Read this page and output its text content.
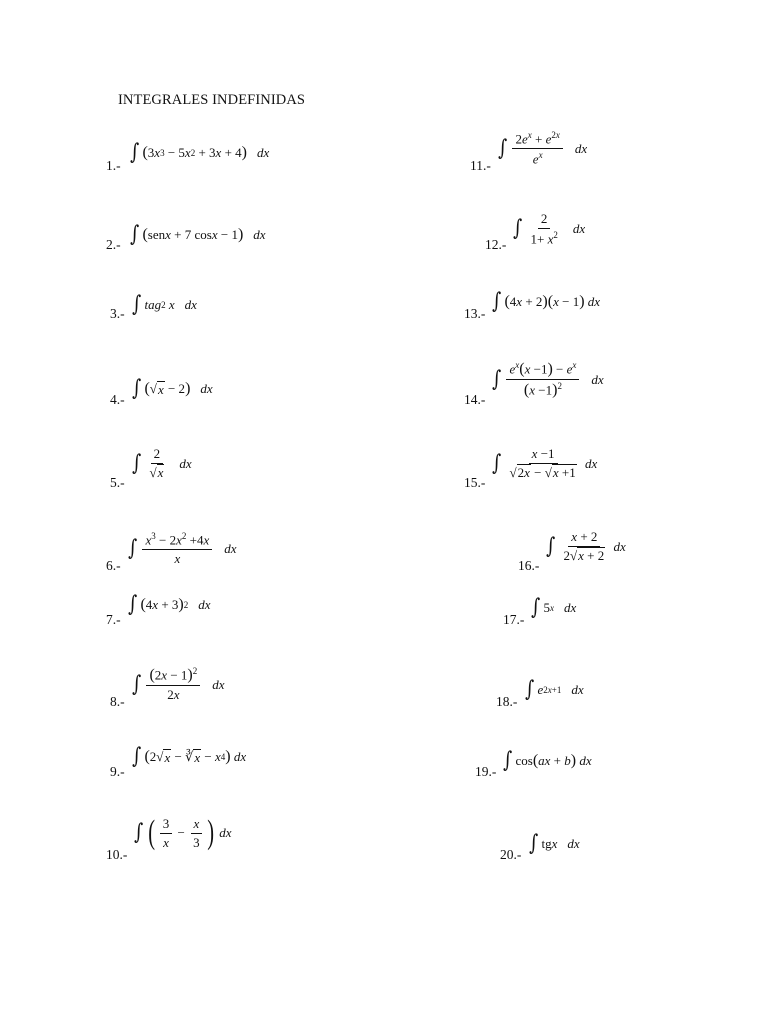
INTEGRALES INDEFINIDAS
1.-
2.-
3.-
4.-
5.-
6.-
7.-
8.-
9.-
10.-
11.-
12.-
13.-
14.-
15.-
16.-
17.-
18.-
19.-
20.-
∫ ( 3 x 3 − 5 x 2 + 3 x + 4 ) dx
∫ ( sen x + 7 cos x − 1 ) dx
∫ tag 2
x dx
∫ ( √ x − 2 ) dx
∫ $\frac{2}{√x}$ dx
∫ $\frac{x^3 - 2x^2 +4x}{x}$ dx
∫ ( 4 x + 3 ) 2 dx
∫ $\frac{(2x - 1)^2}{2x}$ dx
∫ ( 2√ x − ∛ x − x 4 )
dx
∫ ( $\frac{3}{x} - \frac{x}{3}$ )
dx
∫ $\frac{2e^x + e^{2x}}{e^x}$ dx
∫ $\frac{2}{1+ x^2}$ dx
∫ ( 4 x + 2 ) ( x − 1 )
dx
∫ $\frac{e^x(x -1) - e^x}{(x -1)^2}$ dx
∫ $\frac{x -1}{√2x - √x +1}$
dx
∫ $\frac{x + 2}{2√x + 2}$
dx
∫ 5 x dx
∫ e 2x+1 dx
∫ cos ( ax + b )
dx
∫ tg x dx
